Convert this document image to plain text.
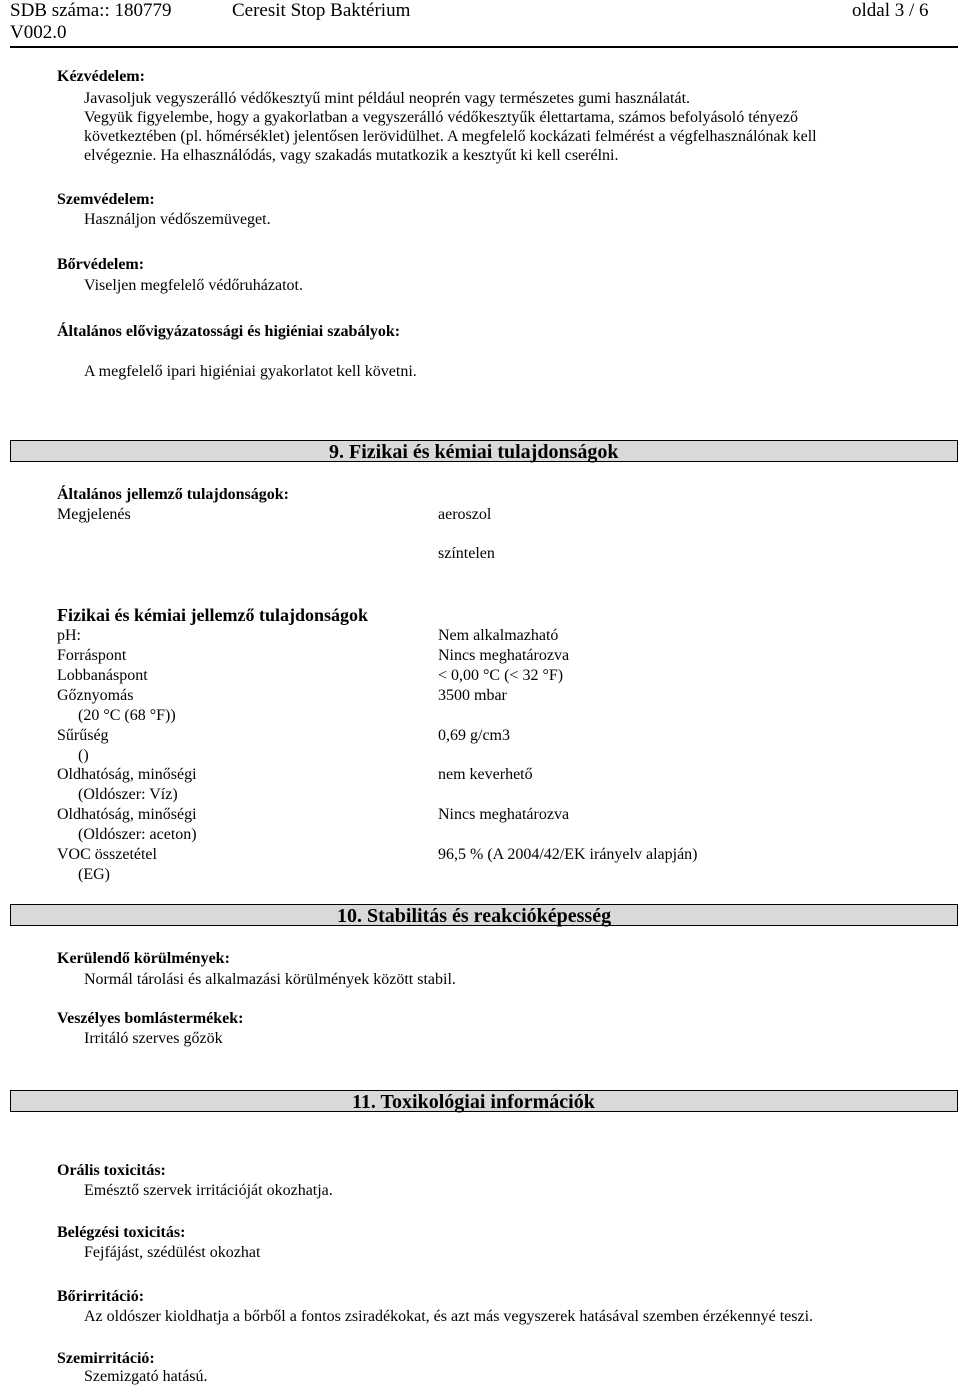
SDB száma:: 180779	Ceresit Stop Baktérium	oldal 3 / 6
V002.0
Kézvédelem:
Javasoljuk vegyszerálló védőkesztyű mint például neoprén vagy természetes gumi használatát.
Vegyük figyelembe, hogy a gyakorlatban a vegyszerálló védőkesztyűk élettartama, számos befolyásoló tényező
következtében (pl. hőmérséklet) jelentősen lerövidülhet. A megfelelő kockázati felmérést a végfelhasználónak kell
elvégeznie. Ha elhasználódás, vagy szakadás mutatkozik a kesztyűt ki kell cserélni.
Szemvédelem:
Használjon védőszemüveget.
Bőrvédelem:
Viseljen megfelelő védőruházatot.
Általános elővigyázatossági és higiéniai szabályok:
A megfelelő ipari higiéniai gyakorlatot kell követni.
9. Fizikai és kémiai tulajdonságok
Általános jellemző tulajdonságok:
Megjelenés	aeroszol
színtelen
Fizikai és kémiai jellemző tulajdonságok
pH:	Nem alkalmazható
Forráspont	Nincs meghatározva
Lobbanáspont	< 0,00 °C (< 32 °F)
Gőznyomás	3500 mbar
(20 °C (68 °F))
Sűrűség	0,69 g/cm3
()
Oldhatóság, minőségi	nem keverhető
(Oldószer: Víz)
Oldhatóság, minőségi	Nincs meghatározva
(Oldószer: aceton)
VOC összetétel	96,5 % (A 2004/42/EK irányelv alapján)
(EG)
10. Stabilitás és reakcióképesség
Kerülendő körülmények:
Normál tárolási és alkalmazási körülmények között stabil.
Veszélyes bomlástermékek:
Irritáló szerves gőzök
11. Toxikológiai információk
Orális toxicitás:
Emésztő szervek irritációját okozhatja.
Belégzési toxicitás:
Fejfájást, szédülést okozhat
Bőrirritáció:
Az oldószer kioldhatja a bőrből a fontos zsiradékokat, és azt más vegyszerek hatásával szemben érzékennyé teszi.
Szemirritáció:
Szemizgató hatású.
